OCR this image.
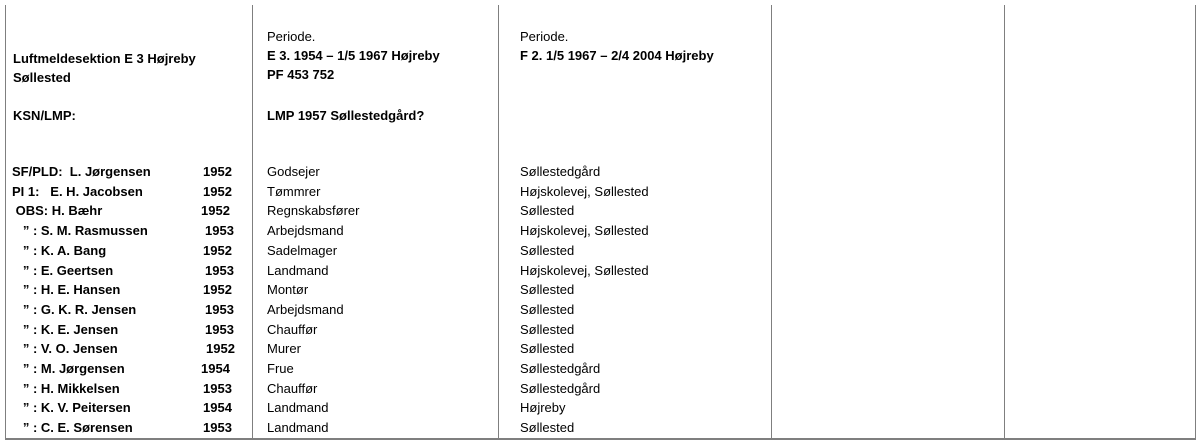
Luftmeldesektion E 3 Højreby
Søllested
KSN/LMP:
Periode.
E 3. 1954 – 1/5 1967 Højreby
PF 453 752
LMP 1957 Søllestedgård?
Periode.
F 2. 1/5 1967 – 2/4 2004 Højreby
SF/PLD:  L. Jørgensen	1952	Godsejer	Søllestedgård
PI 1:   E. H. Jacobsen	1952	Tømmrer	Højskolevej, Søllested
OBS: H. Bæhr	1952	Regnskabsfører	Søllested
” : S. M. Rasmussen	1953	Arbejdsmand	Højskolevej, Søllested
” : K. A. Bang	1952	Sadelmager	Søllested
” : E. Geertsen	1953	Landmand	Højskolevej, Søllested
” : H. E. Hansen	1952	Montør	Søllested
” : G. K. R. Jensen	1953	Arbejdsmand	Søllested
” : K. E. Jensen	1953	Chauffør	Søllested
” : V. O. Jensen	1952 Murer	Søllested
” : M. Jørgensen	1954	Frue	Søllestedgård
” : H. Mikkelsen	1953	Chauffør	Søllestedgård
” : K. V. Peitersen	1954	Landmand	Højreby
” : C. E. Sørensen	1953	Landmand	Søllested
